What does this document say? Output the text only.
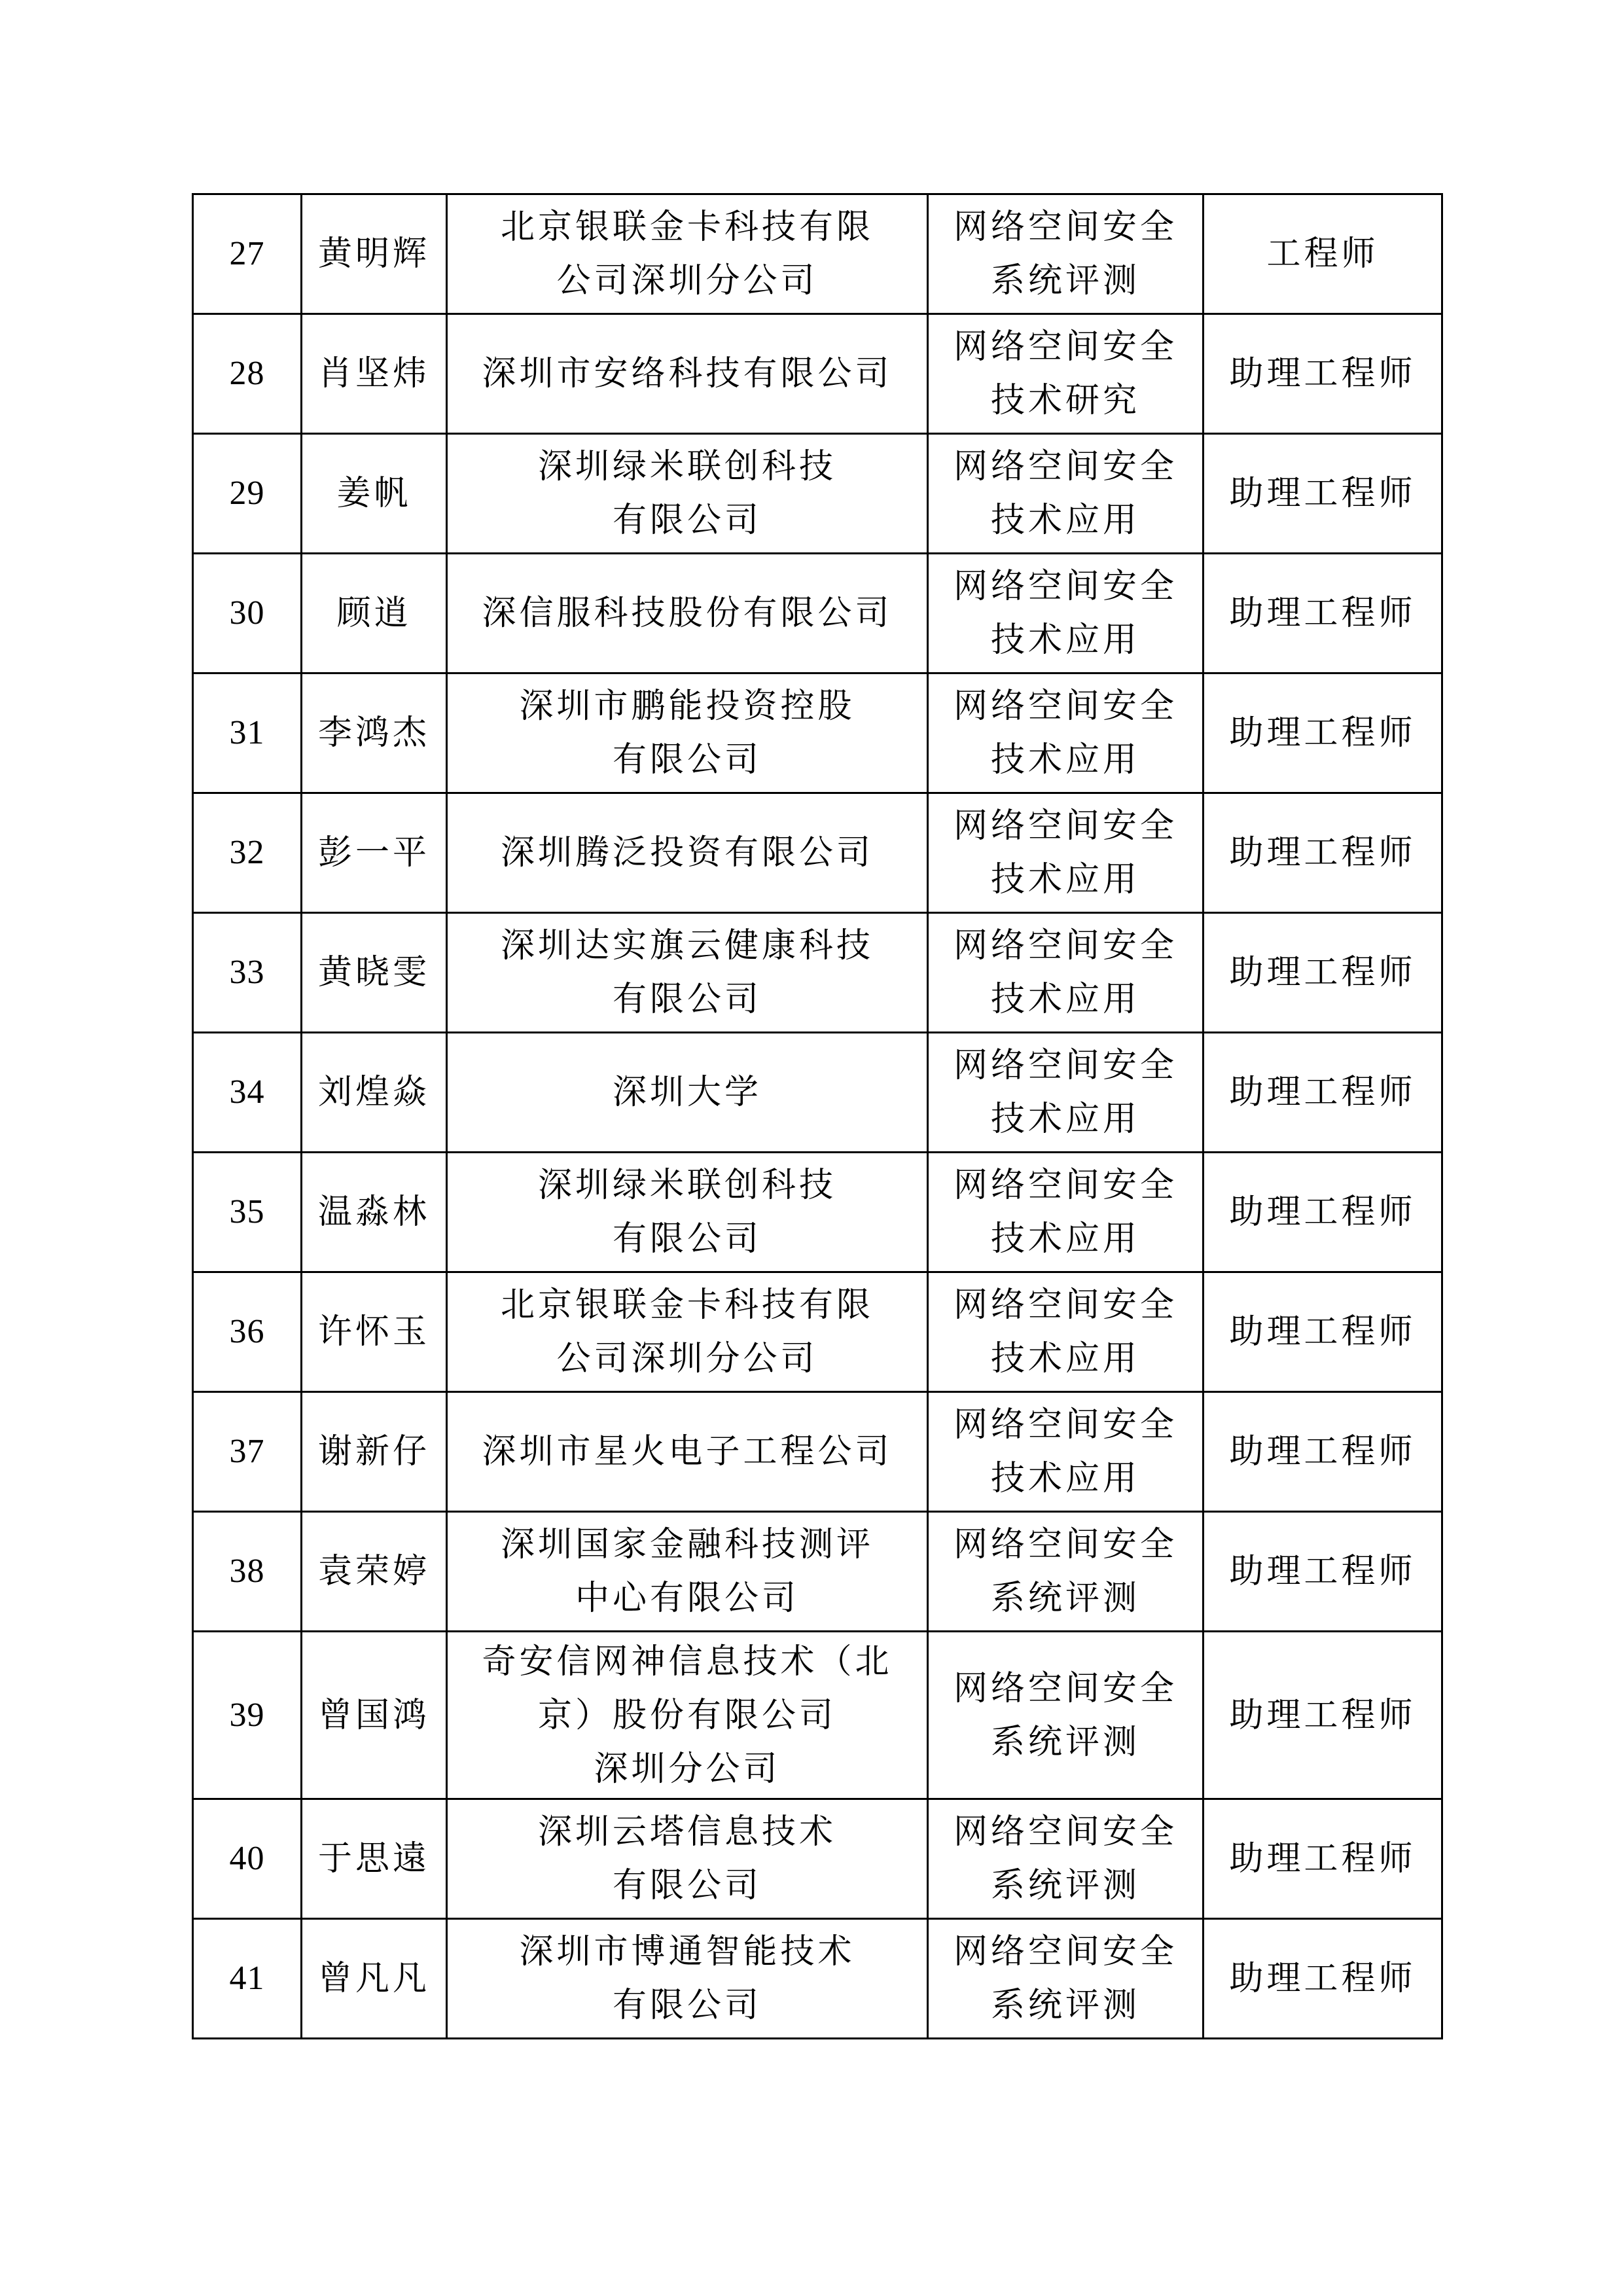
27	黄明辉	北京银联金卡科技有限
公司深圳分公司	网络空间安全
系统评测	工程师
28	肖坚炜	深圳市安络科技有限公司	网络空间安全
技术研究	助理工程师
29	姜帆	深圳绿米联创科技
有限公司	网络空间安全
技术应用	助理工程师
30	顾逍	深信服科技股份有限公司	网络空间安全
技术应用	助理工程师
31	李鸿杰	深圳市鹏能投资控股
有限公司	网络空间安全
技术应用	助理工程师
32	彭一平	深圳腾泛投资有限公司	网络空间安全
技术应用	助理工程师
33	黄晓雯	深圳达实旗云健康科技
有限公司	网络空间安全
技术应用	助理工程师
34	刘煌焱	深圳大学	网络空间安全
技术应用	助理工程师
35	温淼林	深圳绿米联创科技
有限公司	网络空间安全
技术应用	助理工程师
36	许怀玉	北京银联金卡科技有限
公司深圳分公司	网络空间安全
技术应用	助理工程师
37	谢新仔	深圳市星火电子工程公司	网络空间安全
技术应用	助理工程师
38	袁荣婷	深圳国家金融科技测评
中心有限公司	网络空间安全
系统评测	助理工程师
39	曾国鸿	奇安信网神信息技术（北
京）股份有限公司
深圳分公司	网络空间安全
系统评测	助理工程师
40	于思遠	深圳云塔信息技术
有限公司	网络空间安全
系统评测	助理工程师
41	曾凡凡	深圳市博通智能技术
有限公司	网络空间安全
系统评测	助理工程师
